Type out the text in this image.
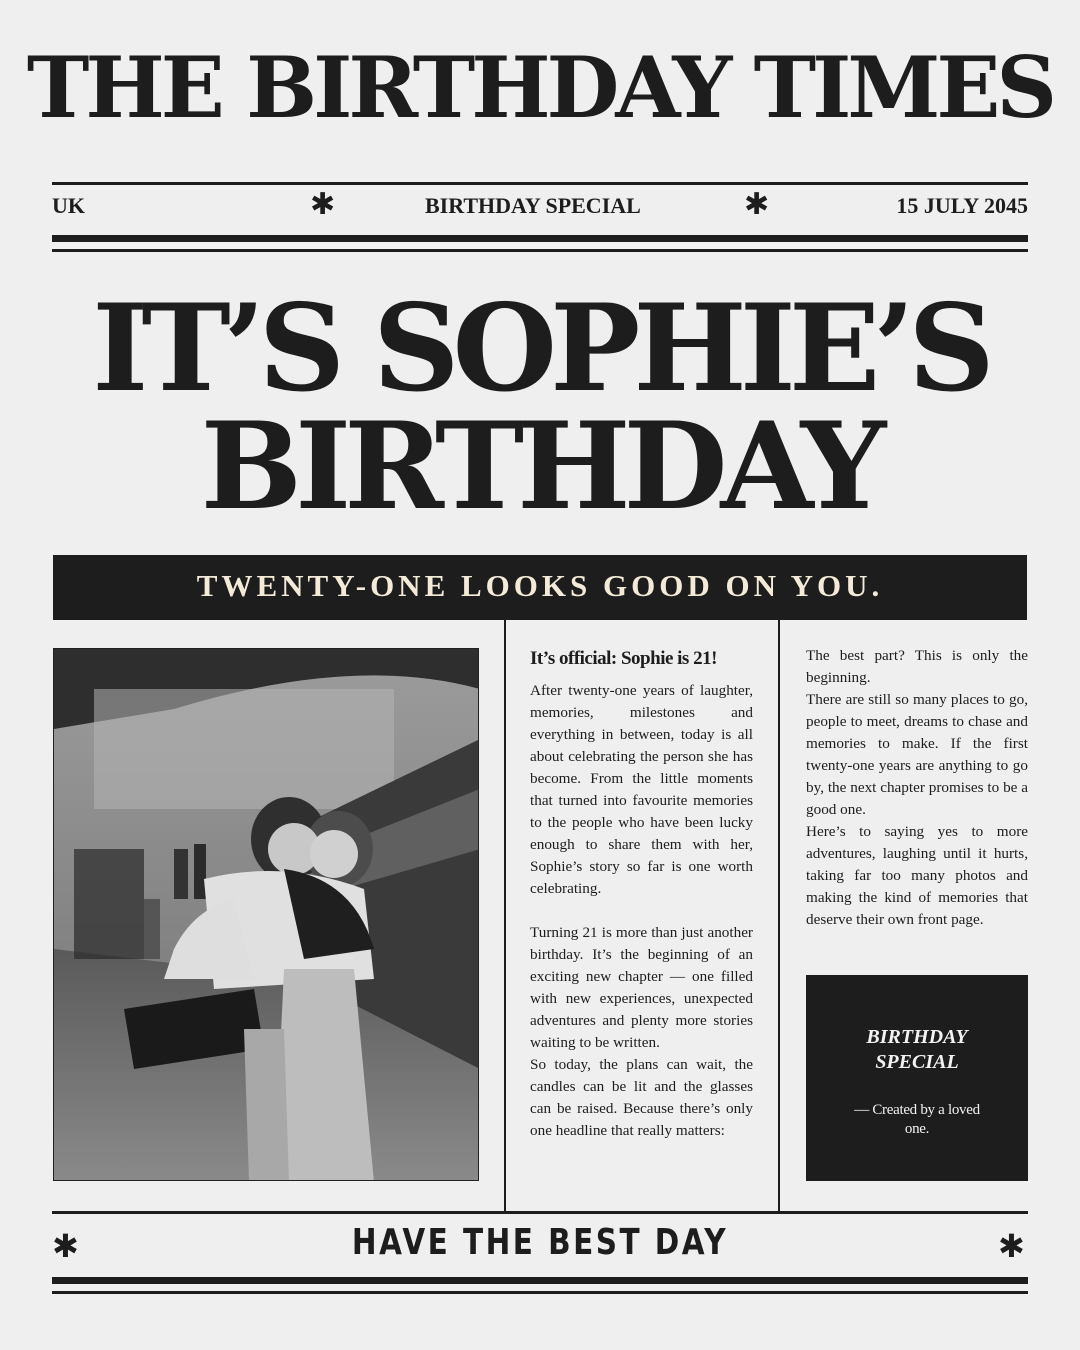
THE BIRTHDAY TIMES
UK	✱	BIRTHDAY SPECIAL	✱	15 JULY 2045
IT’S SOPHIE’S
BIRTHDAY
TWENTY-ONE LOOKS GOOD ON YOU.
It’s official: Sophie is 21!

After twenty-one years of laughter, memories, milestones and everything in between, today is all about celebrating the person she has become. From the little moments that turned into favourite memories to the people who have been lucky enough to share them with her, Sophie’s story so far is one worth celebrating.

Turning 21 is more than just another birthday. It’s the beginning of an exciting new chapter — one filled with new experiences, unexpected adventures and plenty more stories waiting to be written.

So today, the plans can wait, the candles can be lit and the glasses can be raised. Because there’s only one headline that really matters:

The best part? This is only the beginning.

There are still so many places to go, people to meet, dreams to chase and memories to make. If the first twenty-one years are anything to go by, the next chapter promises to be a good one.

Here’s to saying yes to more adventures, laughing until it hurts, taking far too many photos and making the kind of memories that deserve their own front page.

BIRTHDAY SPECIAL
— Created by a loved one.
✱	HAVE THE BEST DAY	✱
